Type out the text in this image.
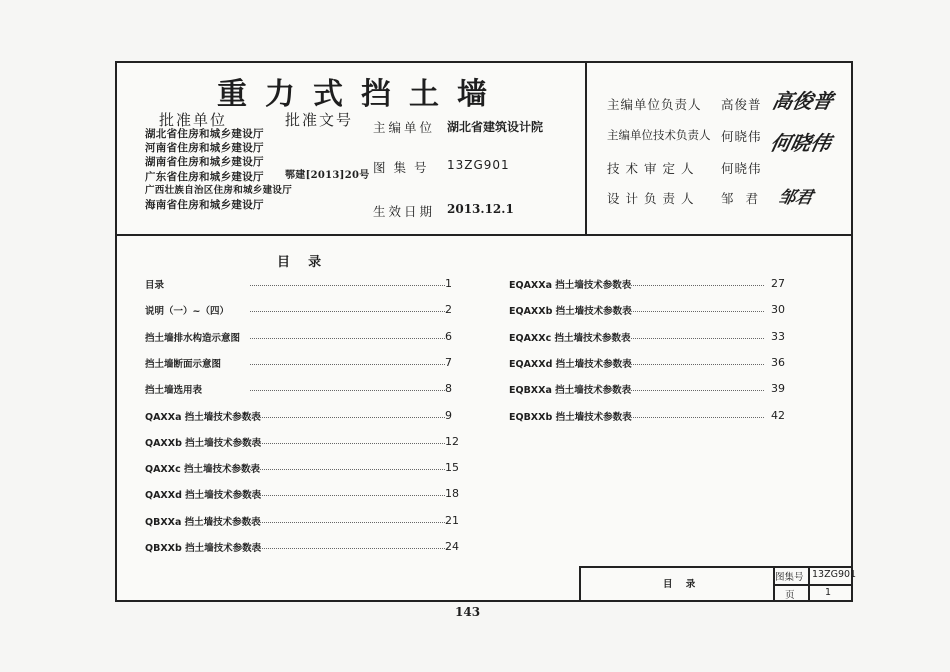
重力式挡土墙
批准单位	批准文号
湖北省住房和城乡建设厅
河南省住房和城乡建设厅
湖南省住房和城乡建设厅
广东省住房和城乡建设厅
广西壮族自治区住房和城乡建设厅
海南省住房和城乡建设厅
鄂建[2013]20号
主编单位 湖北省建筑设计院
图集号 13ZG901
生效日期 2013.12.1
主编单位负责人 高俊普 高俊普
主编单位技术负责人 何晓伟 何晓伟
技术审定人 何晓伟
设计负责人 邹君 邹君
目    录
目录	1
说明（一）~（四）	2
挡土墙排水构造示意图	6
挡土墙断面示意图	7
挡土墙选用表	8
QAXXa 挡土墙技术参数表	9
QAXXb 挡土墙技术参数表	12
QAXXc 挡土墙技术参数表	15
QAXXd 挡土墙技术参数表	18
QBXXa 挡土墙技术参数表	21
QBXXb 挡土墙技术参数表	24
EQAXXa 挡土墙技术参数表	27
EQAXXb 挡土墙技术参数表	30
EQAXXc 挡土墙技术参数表	33
EQAXXd 挡土墙技术参数表	36
EQBXXa 挡土墙技术参数表	39
EQBXXb 挡土墙技术参数表	42
目    录
图集号 13ZG901
页	1
143
